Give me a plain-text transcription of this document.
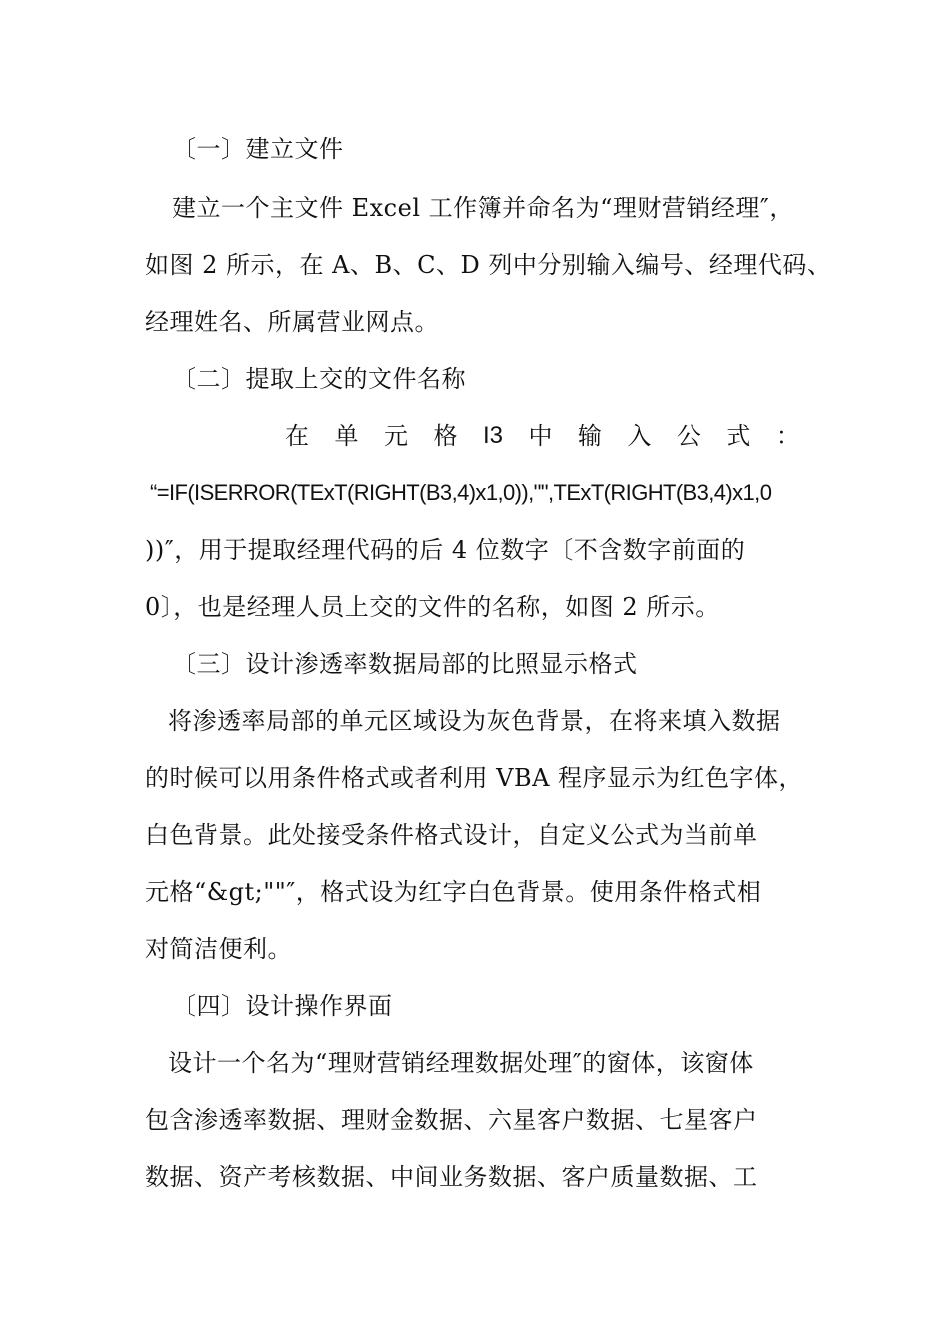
〔一〕建立文件
建立一个主文件 Excel 工作簿并命名为“理财营销经理″，
如图 2 所示，在 A、B、C、D 列中分别输入编号、经理代码、
经理姓名、所属营业网点。
〔二〕提取上交的文件名称
在 单 元 格 I3 中 输 入 公 式 ：
“=IF(ISERROR(TExT(RIGHT(B3,4)x1,0)),"",TExT(RIGHT(B3,4)x1,0
))″，用于提取经理代码的后 4 位数字〔不含数字前面的
0〕，也是经理人员上交的文件的名称，如图 2 所示。
〔三〕设计渗透率数据局部的比照显示格式
将渗透率局部的单元区域设为灰色背景，在将来填入数据
的时候可以用条件格式或者利用 VBA 程序显示为红色字体，
白色背景。此处接受条件格式设计，自定义公式为当前单
元格“&gt;""″，格式设为红字白色背景。使用条件格式相
对简洁便利。
〔四〕设计操作界面
设计一个名为“理财营销经理数据处理″的窗体，该窗体
包含渗透率数据、理财金数据、六星客户数据、七星客户
数据、资产考核数据、中间业务数据、客户质量数据、工
